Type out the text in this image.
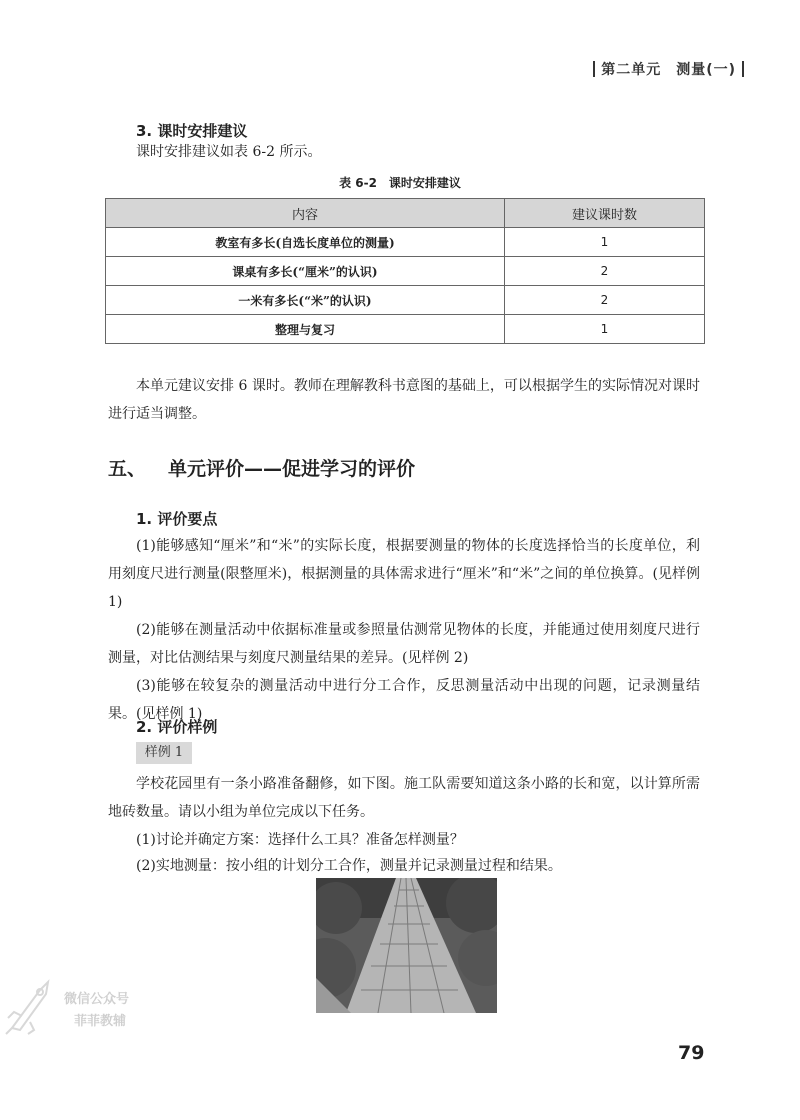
第二单元　测量(一)
3. 课时安排建议
课时安排建议如表 6-2 所示。
表 6-2　课时安排建议
内容	建议课时数
教室有多长(自选长度单位的测量)	1
课桌有多长(“厘米”的认识)	2
一米有多长(“米”的认识)	2
整理与复习	1
本单元建议安排 6 课时。教师在理解教科书意图的基础上，可以根据学生的实际情况对课时进行适当调整。
五、 单元评价——促进学习的评价
1. 评价要点
(1)能够感知“厘米”和“米”的实际长度，根据要测量的物体的长度选择恰当的长度单位，利用刻度尺进行测量(限整厘米)，根据测量的具体需求进行“厘米”和“米”之间的单位换算。(见样例 1)
(2)能够在测量活动中依据标准量或参照量估测常见物体的长度，并能通过使用刻度尺进行测量，对比估测结果与刻度尺测量结果的差异。(见样例 2)
(3)能够在较复杂的测量活动中进行分工合作，反思测量活动中出现的问题，记录测量结果。(见样例 1)
2. 评价样例
样例 1
学校花园里有一条小路准备翻修，如下图。施工队需要知道这条小路的长和宽，以计算所需地砖数量。请以小组为单位完成以下任务。
(1)讨论并确定方案：选择什么工具？准备怎样测量？
(2)实地测量：按小组的计划分工合作，测量并记录测量过程和结果。
微信公众号
菲菲教辅
79
